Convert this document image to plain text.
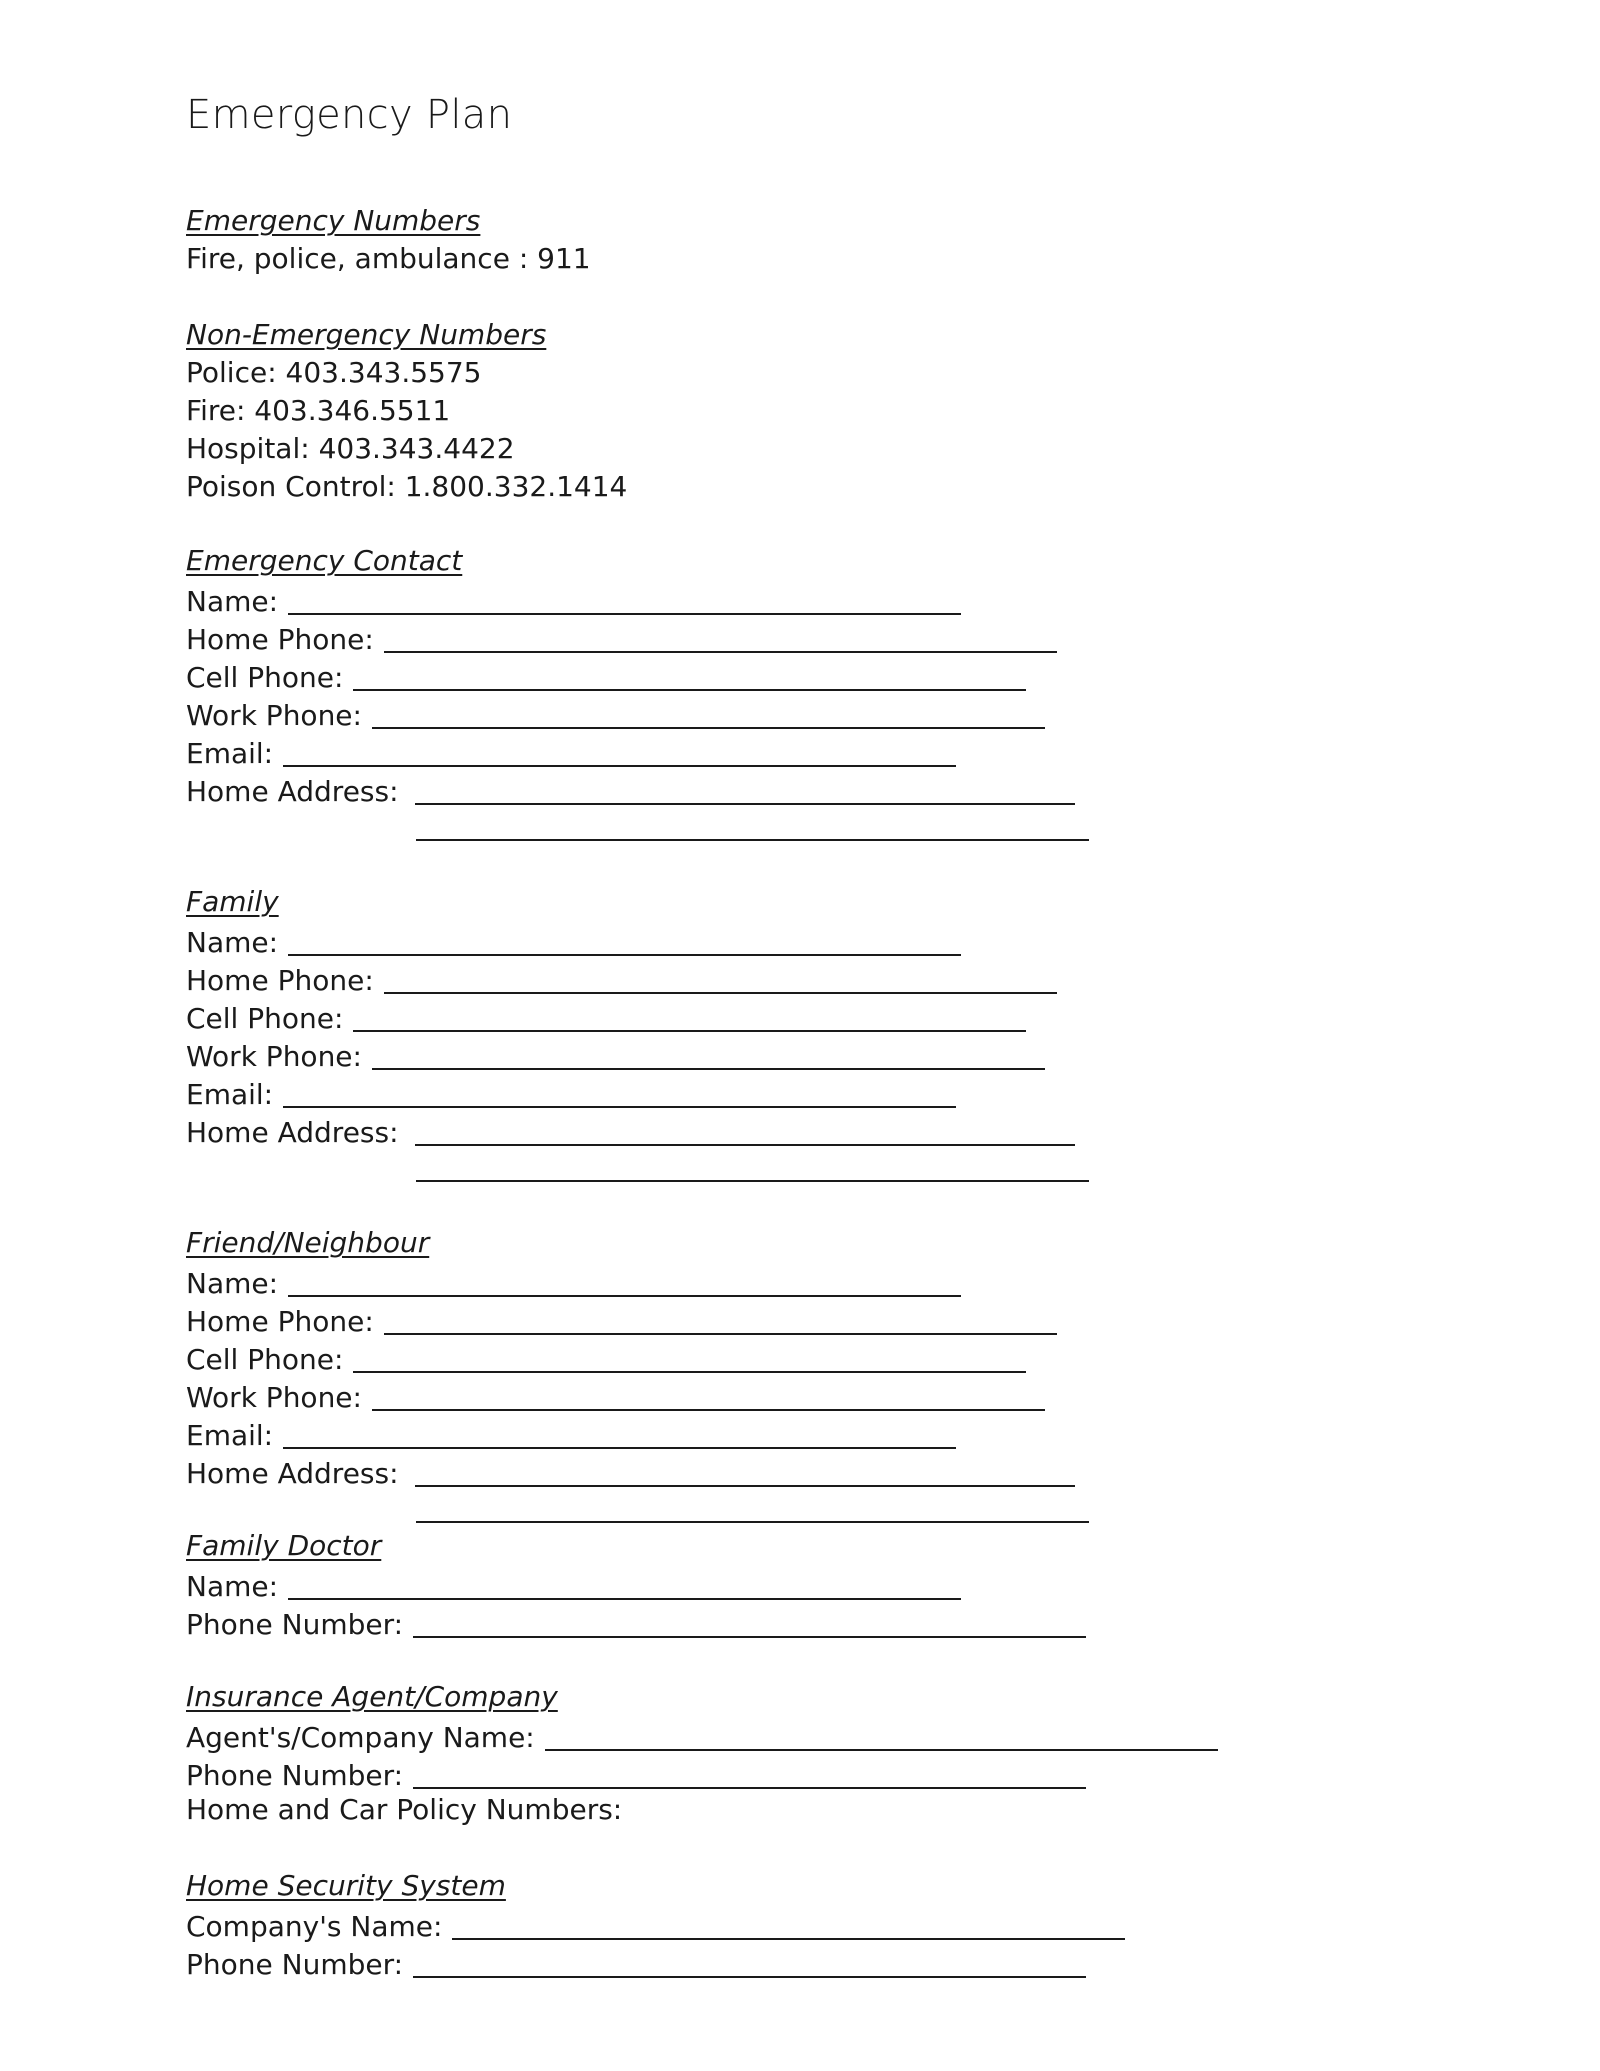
Emergency Plan
Emergency Numbers
Fire, police, ambulance : 911
Non-Emergency Numbers
Police: 403.343.5575
Fire: 403.346.5511
Hospital: 403.343.4422
Poison Control: 1.800.332.1414
Emergency Contact
Name:
Home Phone:
Cell Phone:
Work Phone:
Email:
Home Address:
Family
Name:
Home Phone:
Cell Phone:
Work Phone:
Email:
Home Address:
Friend/Neighbour
Name:
Home Phone:
Cell Phone:
Work Phone:
Email:
Home Address:
Family Doctor
Name:
Phone Number:
Insurance Agent/Company
Agent's/Company Name:
Phone Number:
Home and Car Policy Numbers:
Home Security System
Company's Name:
Phone Number:
